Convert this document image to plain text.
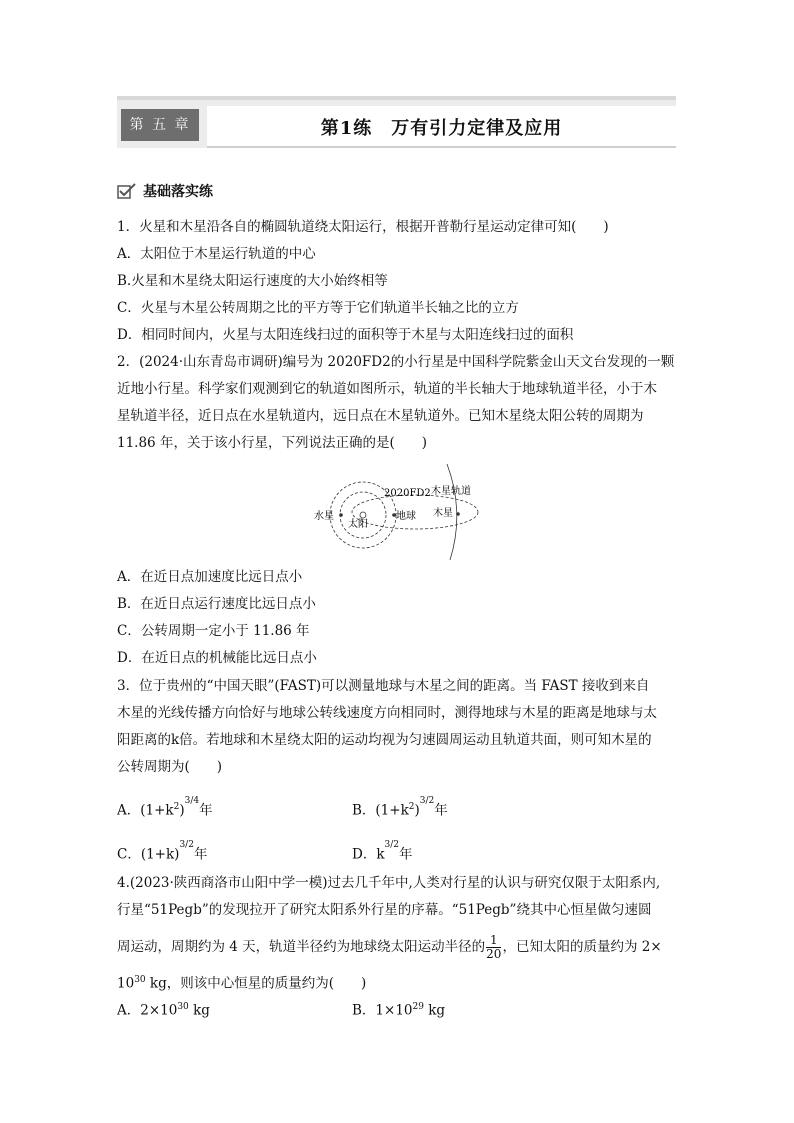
第 五 章	第1练　万有引力定律及应用
基础落实练
1．火星和木星沿各自的椭圆轨道绕太阳运行，根据开普勒行星运动定律可知(　　)
A．太阳位于木星运行轨道的中心
B.火星和木星绕太阳运行速度的大小始终相等
C．火星与木星公转周期之比的平方等于它们轨道半长轴之比的立方
D．相同时间内，火星与太阳连线扫过的面积等于木星与太阳连线扫过的面积
2．(2024·山东青岛市调研)编号为 2020FD2的小行星是中国科学院紫金山天文台发现的一颗
近地小行星。科学家们观测到它的轨道如图所示，轨道的半长轴大于地球轨道半径，小于木
星轨道半径，近日点在水星轨道内，远日点在木星轨道外。已知木星绕太阳公转的周期为
11.86 年，关于该小行星，下列说法正确的是(　　)
水星
太阳
地球 木星
2020FD2 木星轨道
A．在近日点加速度比远日点小
B．在近日点运行速度比远日点小
C．公转周期一定小于 11.86 年
D．在近日点的机械能比远日点小
3．位于贵州的“中国天眼”(FAST)可以测量地球与木星之间的距离。当 FAST 接收到来自
木星的光线传播方向恰好与地球公转线速度方向相同时，测得地球与木星的距离是地球与太
阳距离的k倍。若地球和木星绕太阳的运动均视为匀速圆周运动且轨道共面，则可知木星的
公转周期为(　　)
A．$(1+k^2)^{3/4}$年	B．$(1+k^2)^{3/2}$年
C．$(1+k)^{3/2}$年	D．$k^{3/2}$年
4.(2023·陕西商洛市山阳中学一模)过去几千年中,人类对行星的认识与研究仅限于太阳系内,
行星“51Pegb”的发现拉开了研究太阳系外行星的序幕。“51Pegb”绕其中心恒星做匀速圆
周运动，周期约为 4 天，轨道半径约为地球绕太阳运动半径的 $\frac{1}{20}$ ，已知太阳的质量约为 2×
$10^{30}$ kg，则该中心恒星的质量约为(　　)
A．$2\times 10^{30}$ kg	B．$1\times 10^{29}$ kg
